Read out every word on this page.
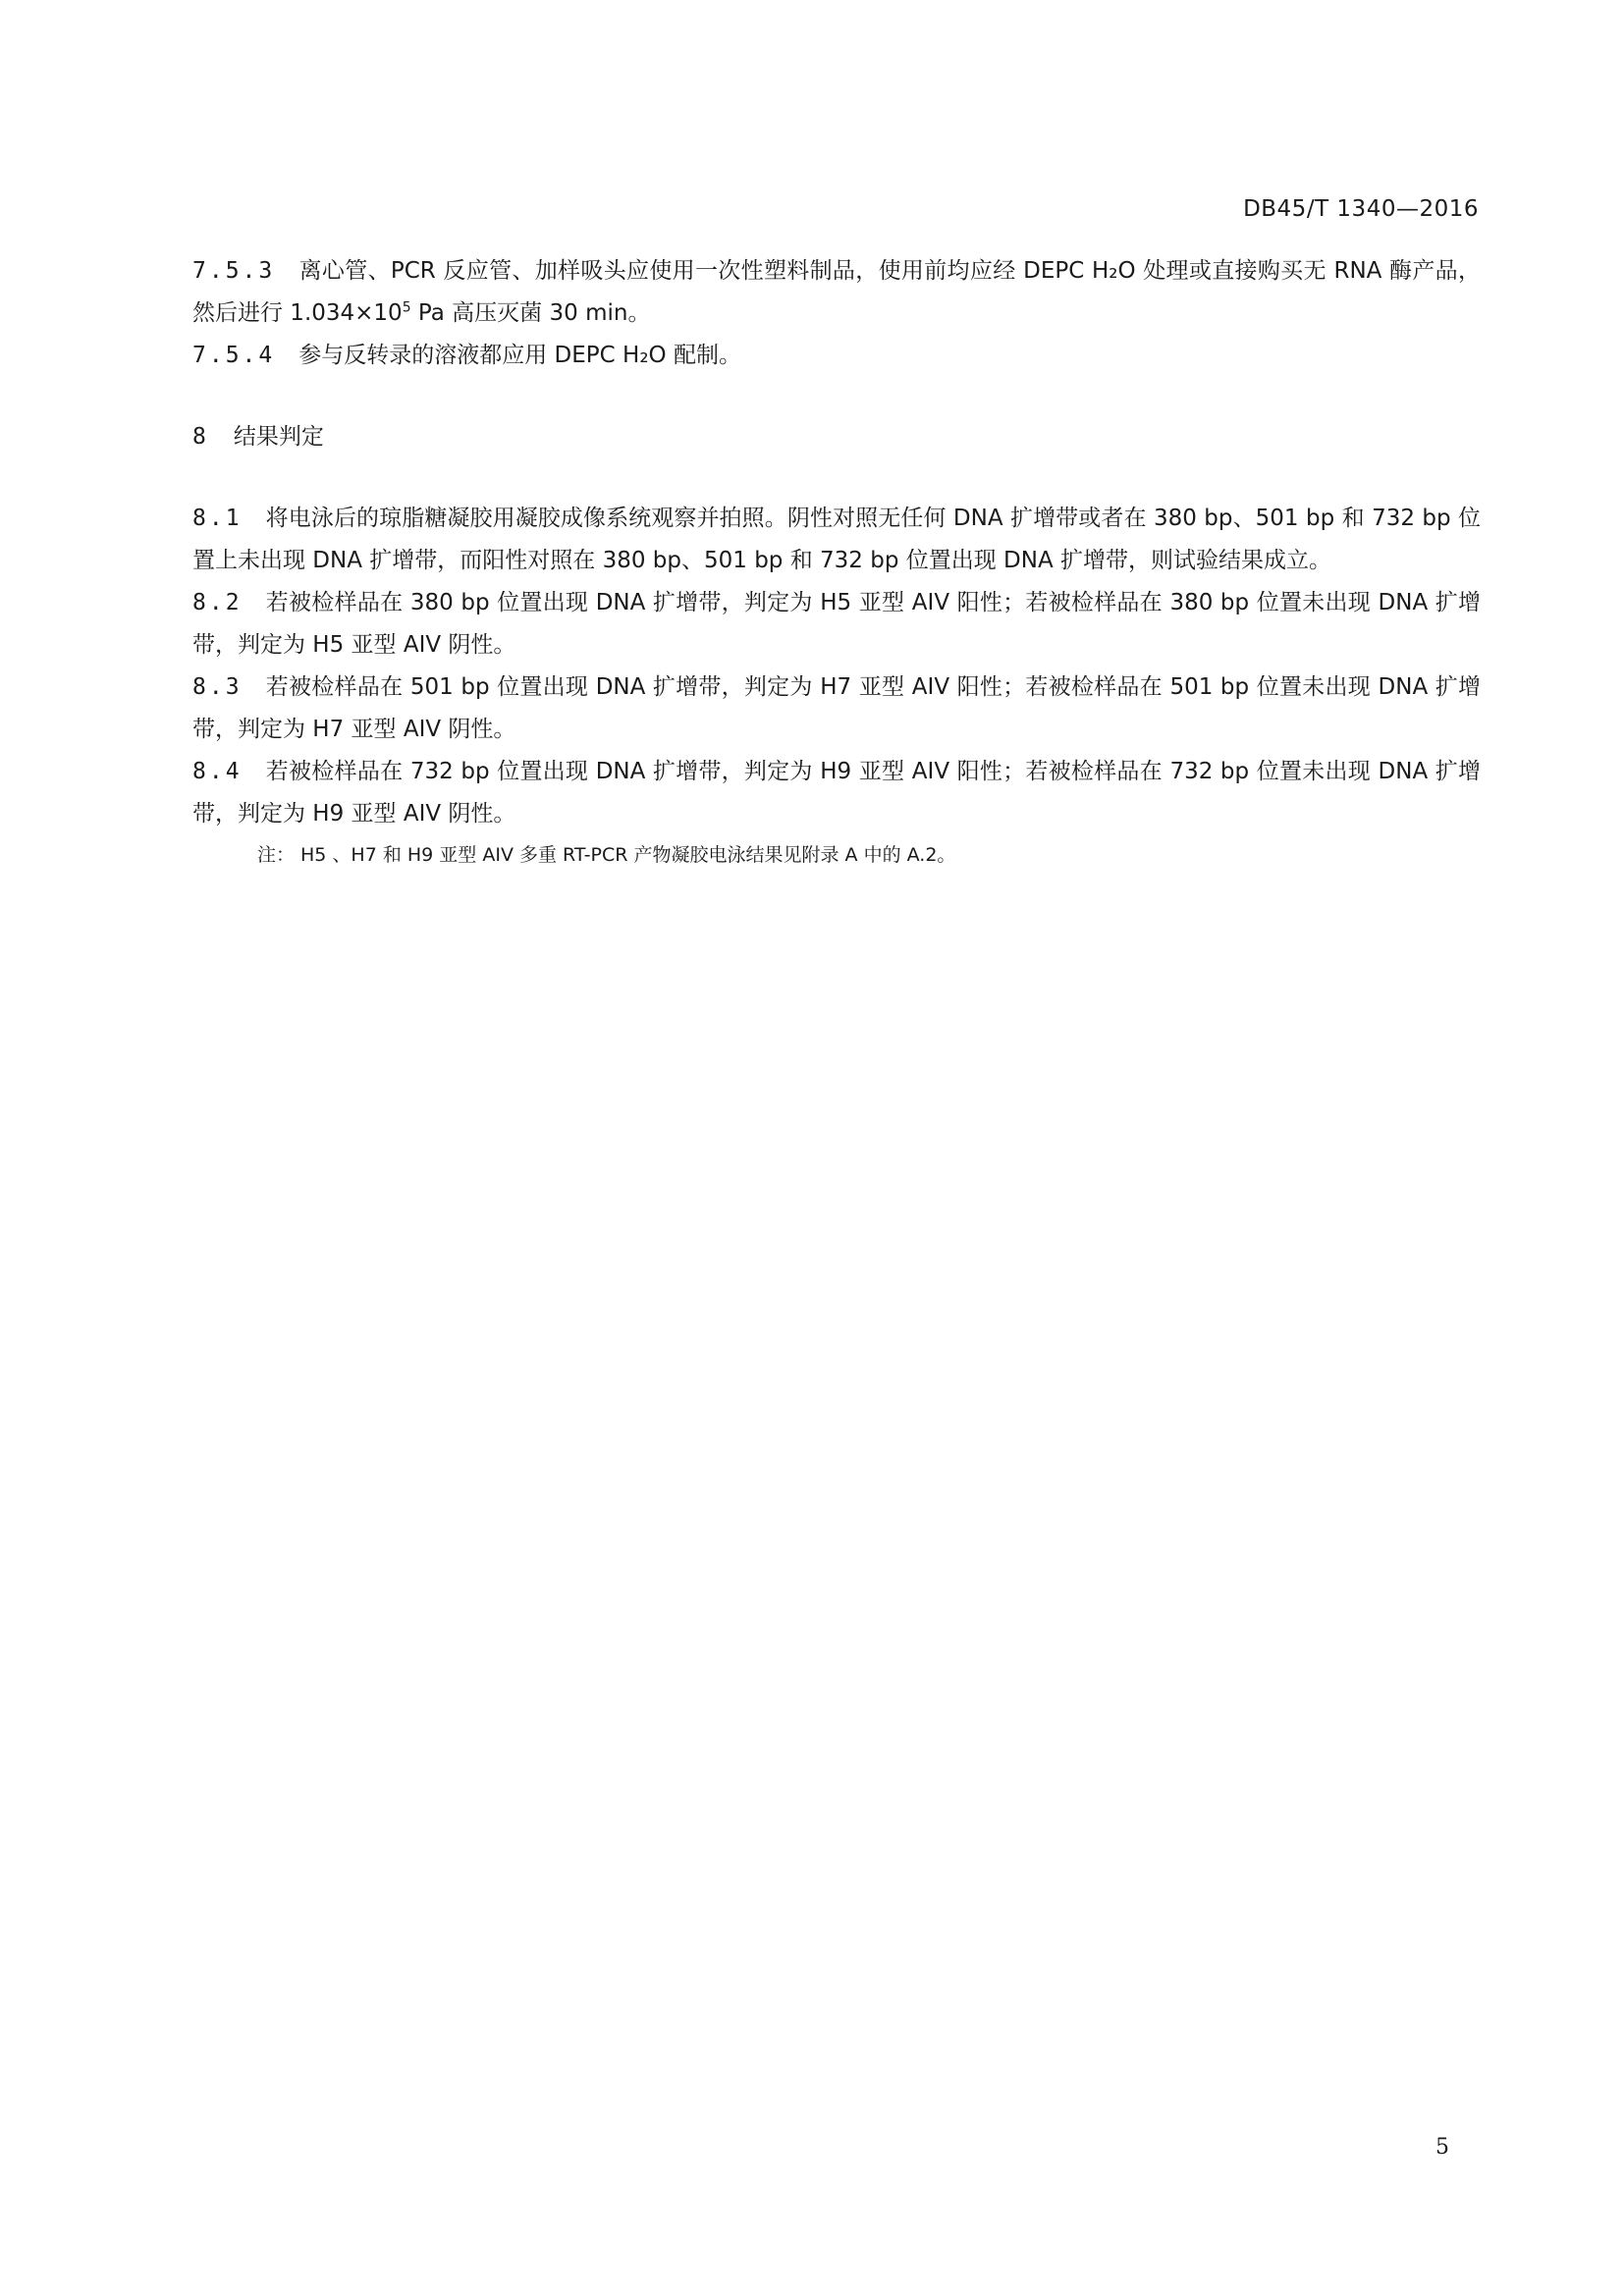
DB45/T 1340—2016

7.5.3 离心管、PCR 反应管、加样吸头应使用一次性塑料制品，使用前均应经 DEPC H₂O 处理或直接购买无 RNA 酶产品，然后进行 $1.034\times 10^5$ Pa 高压灭菌 30 min。

7.5.4 参与反转录的溶液都应用 DEPC H₂O 配制。

8 结果判定

8.1 将电泳后的琼脂糖凝胶用凝胶成像系统观察并拍照。阴性对照无任何 DNA 扩增带或者在 380 bp、501 bp 和 732 bp 位置上未出现 DNA 扩增带，而阳性对照在 380 bp、501 bp 和 732 bp 位置出现 DNA 扩增带，则试验结果成立。

8.2 若被检样品在 380 bp 位置出现 DNA 扩增带，判定为 H5 亚型 AIV 阳性；若被检样品在 380 bp 位置未出现 DNA 扩增带，判定为 H5 亚型 AIV 阴性。

8.3 若被检样品在 501 bp 位置出现 DNA 扩增带，判定为 H7 亚型 AIV 阳性；若被检样品在 501 bp 位置未出现 DNA 扩增带，判定为 H7 亚型 AIV 阴性。

8.4 若被检样品在 732 bp 位置出现 DNA 扩增带，判定为 H9 亚型 AIV 阳性；若被检样品在 732 bp 位置未出现 DNA 扩增带，判定为 H9 亚型 AIV 阴性。

注： H5 、H7 和 H9 亚型 AIV 多重 RT-PCR 产物凝胶电泳结果见附录 A 中的 A.2。

5
